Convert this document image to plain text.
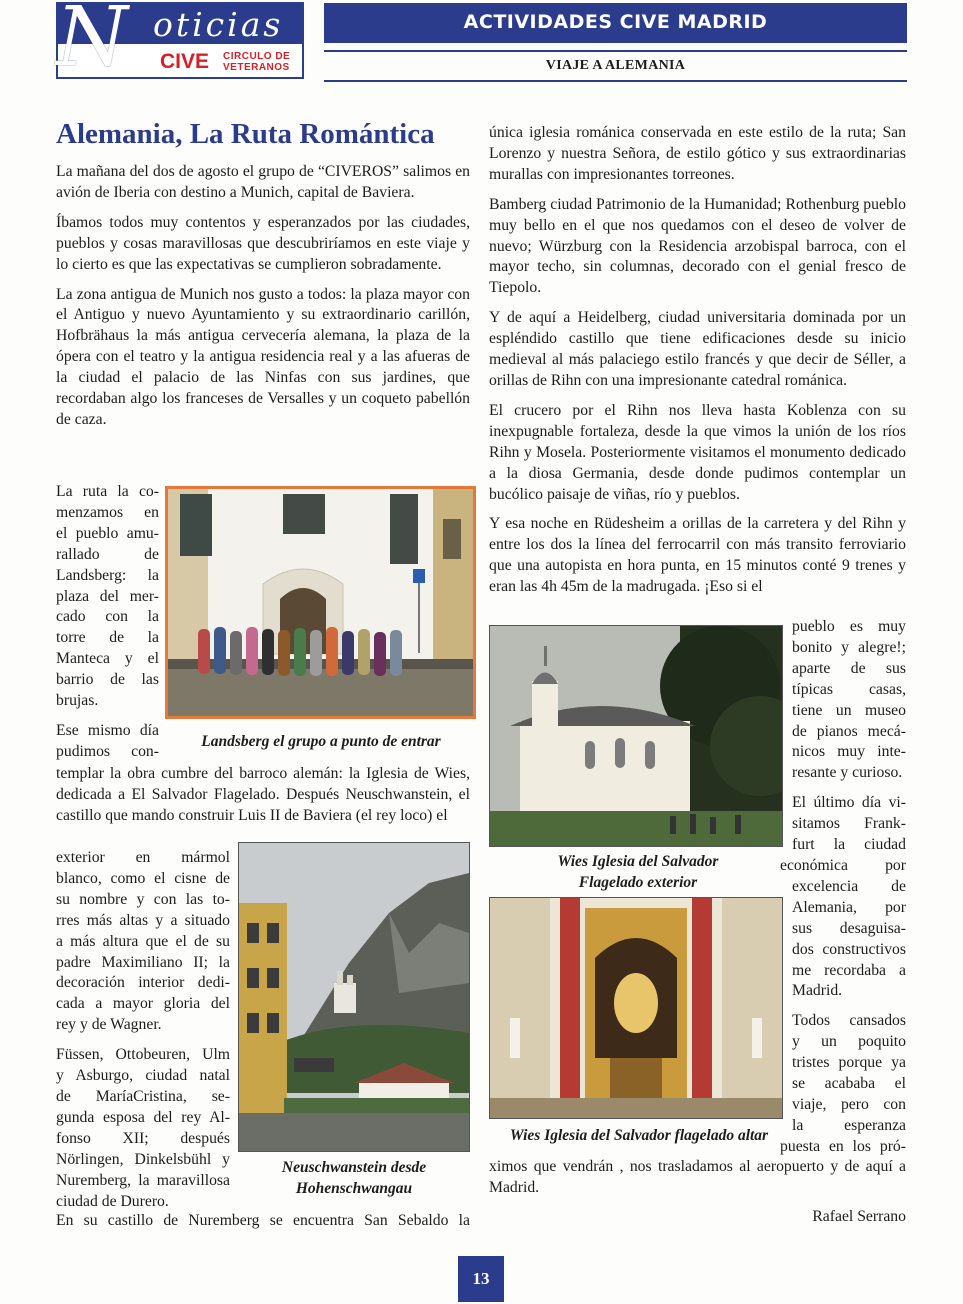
N oticias
CIVE CIRCULO DE
VETERANOS
ACTIVIDADES CIVE MADRID
VIAJE A ALEMANIA
Alemania, La Ruta Romántica

La mañana del dos de agosto el grupo de “CIVEROS” salimos en avión de Iberia con destino a Munich, capital de Baviera.

Íbamos todos muy contentos y esperanzados por las ciudades, pueblos y cosas maravillosas que descubriríamos en este viaje y lo cierto es que las expectativas se cumplieron sobradamente.

La zona antigua de Munich nos gusto a todos: la plaza mayor con el Antiguo y nuevo Ayuntamiento y su extraordinario carillón, Hofbrähaus la más antigua cervecería alemana, la plaza de la ópera con el teatro y la antigua residencia real y a las afueras de la ciudad el palacio de las Ninfas con sus jardines, que recordaban algo los franceses de Versalles y un coqueto pabellón de caza.

La ruta la co-

menzamos en

el pueblo amu-

rallado de

Landsberg: la

plaza del mer-

cado con la

torre de la

Manteca y el

barrio de las

brujas.

Ese mismo día

pudimos con-

Landsberg el grupo a punto de entrar

templar la obra cumbre del barroco alemán: la Iglesia de Wies, dedicada a El Salvador Flagelado. Después Neuschwanstein, el castillo que mando construir Luis II de Baviera (el rey loco) el

exterior en mármol

blanco, como el cisne de

su nombre y con las to-

rres más altas y a situado

a más altura que el de su

padre Maximiliano II; la

decoración interior dedi-

cada a mayor gloria del

rey y de Wagner.

Füssen, Ottobeuren, Ulm

y Asburgo, ciudad natal

de MaríaCristina, se-

gunda esposa del rey Al-

fonso XII; después

Nörlingen, Dinkelsbühl y

Nuremberg, la maravillosa

ciudad de Durero.

Neuschwanstein desde
Hohenschwangau

En su castillo de Nuremberg se encuentra San Sebaldo la

única iglesia románica conservada en este estilo de la ruta; San Lorenzo y nuestra Señora, de estilo gótico y sus extraordinarias murallas con impresionantes torreones.

Bamberg ciudad Patrimonio de la Humanidad; Rothenburg pueblo muy bello en el que nos quedamos con el deseo de volver de nuevo; Würzburg con la Residencia arzobispal barroca, con el mayor techo, sin columnas, decorado con el genial fresco de Tiepolo.

Y de aquí a Heidelberg, ciudad universitaria dominada por un espléndido castillo que tiene edificaciones desde su inicio medieval al más palaciego estilo francés y que decir de Séller, a orillas de Rihn con una impresionante catedral románica.

El crucero por el Rihn nos lleva hasta Koblenza con su inexpugnable fortaleza, desde la que vimos la unión de los ríos Rihn y Mosela. Posteriormente visitamos el monumento dedicado a la diosa Germania, desde donde pudimos contemplar un bucólico paisaje de viñas, río y pueblos.

Y esa noche en Rüdesheim a orillas de la carretera y del Rihn y entre los dos la línea del ferrocarril con más transito ferroviario que una autopista en hora punta, en 15 minutos conté 9 trenes y eran las 4h 45m de la madrugada. ¡Eso si el

Wies Iglesia del Salvador
Flagelado exterior
Wies Iglesia del Salvador flagelado altar

pueblo es muy

bonito y alegre!;

aparte de sus

típicas casas,

tiene un museo

de pianos mecá-

nicos muy inte-

resante y curioso.

El último día vi-

sitamos Frank-

furt la ciudad

económica por

excelencia de

Alemania, por

sus desaguisa-

dos constructivos

me recordaba a

Madrid.

Todos cansados

y un poquito

tristes porque ya

se acababa el

viaje, pero con

la esperanza

puesta en los pró-

ximos que vendrán , nos trasladamos al aeropuerto y de aquí a Madrid.

Rafael Serrano
13
